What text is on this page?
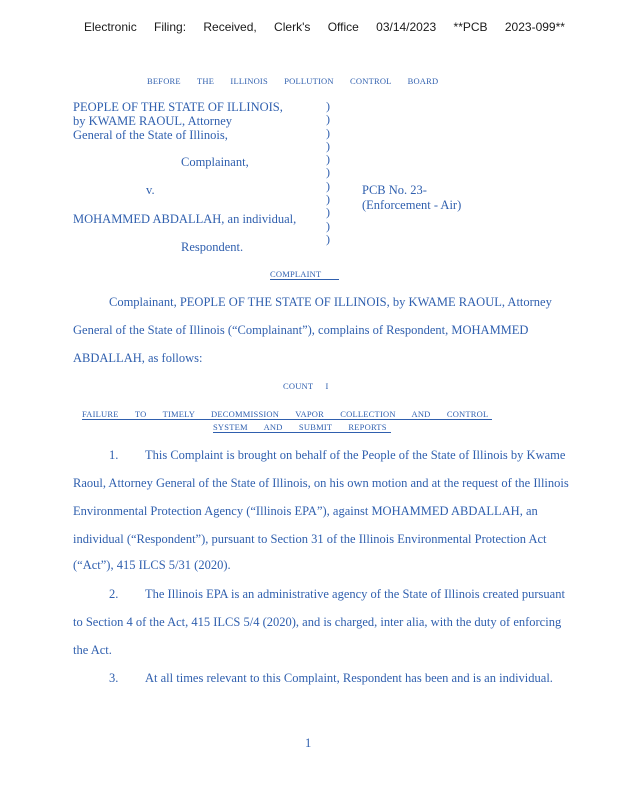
Electronic Filing: Received, Clerk's Office 03/14/2023 **PCB 2023-099**
BEFORE THE ILLINOIS POLLUTION CONTROL BOARD
PEOPLE OF THE STATE OF ILLINOIS,
by KWAME RAOUL, Attorney
General of the State of Illinois,
Complainant,
v.
MOHAMMED ABDALLAH, an individual,
Respondent.
PCB No. 23-
(Enforcement - Air)
)
)
)
)
)
)
)
)
)
)
)
COMPLAINT
Complainant, PEOPLE OF THE STATE OF ILLINOIS, by KWAME RAOUL, Attorney
General of the State of Illinois (“Complainant”), complains of Respondent, MOHAMMED
ABDALLAH, as follows:
COUNT I
FAILURE TO TIMELY DECOMMISSION VAPOR COLLECTION AND CONTROL
SYSTEM AND SUBMIT REPORTS
1. This Complaint is brought on behalf of the People of the State of Illinois by Kwame
Raoul, Attorney General of the State of Illinois, on his own motion and at the request of the Illinois
Environmental Protection Agency (“Illinois EPA”), against MOHAMMED ABDALLAH, an
individual (“Respondent”), pursuant to Section 31 of the Illinois Environmental Protection Act
(“Act”), 415 ILCS 5/31 (2020).
2. The Illinois EPA is an administrative agency of the State of Illinois created pursuant
to Section 4 of the Act, 415 ILCS 5/4 (2020), and is charged, inter alia, with the duty of enforcing
the Act.
3. At all times relevant to this Complaint, Respondent has been and is an individual.
1
